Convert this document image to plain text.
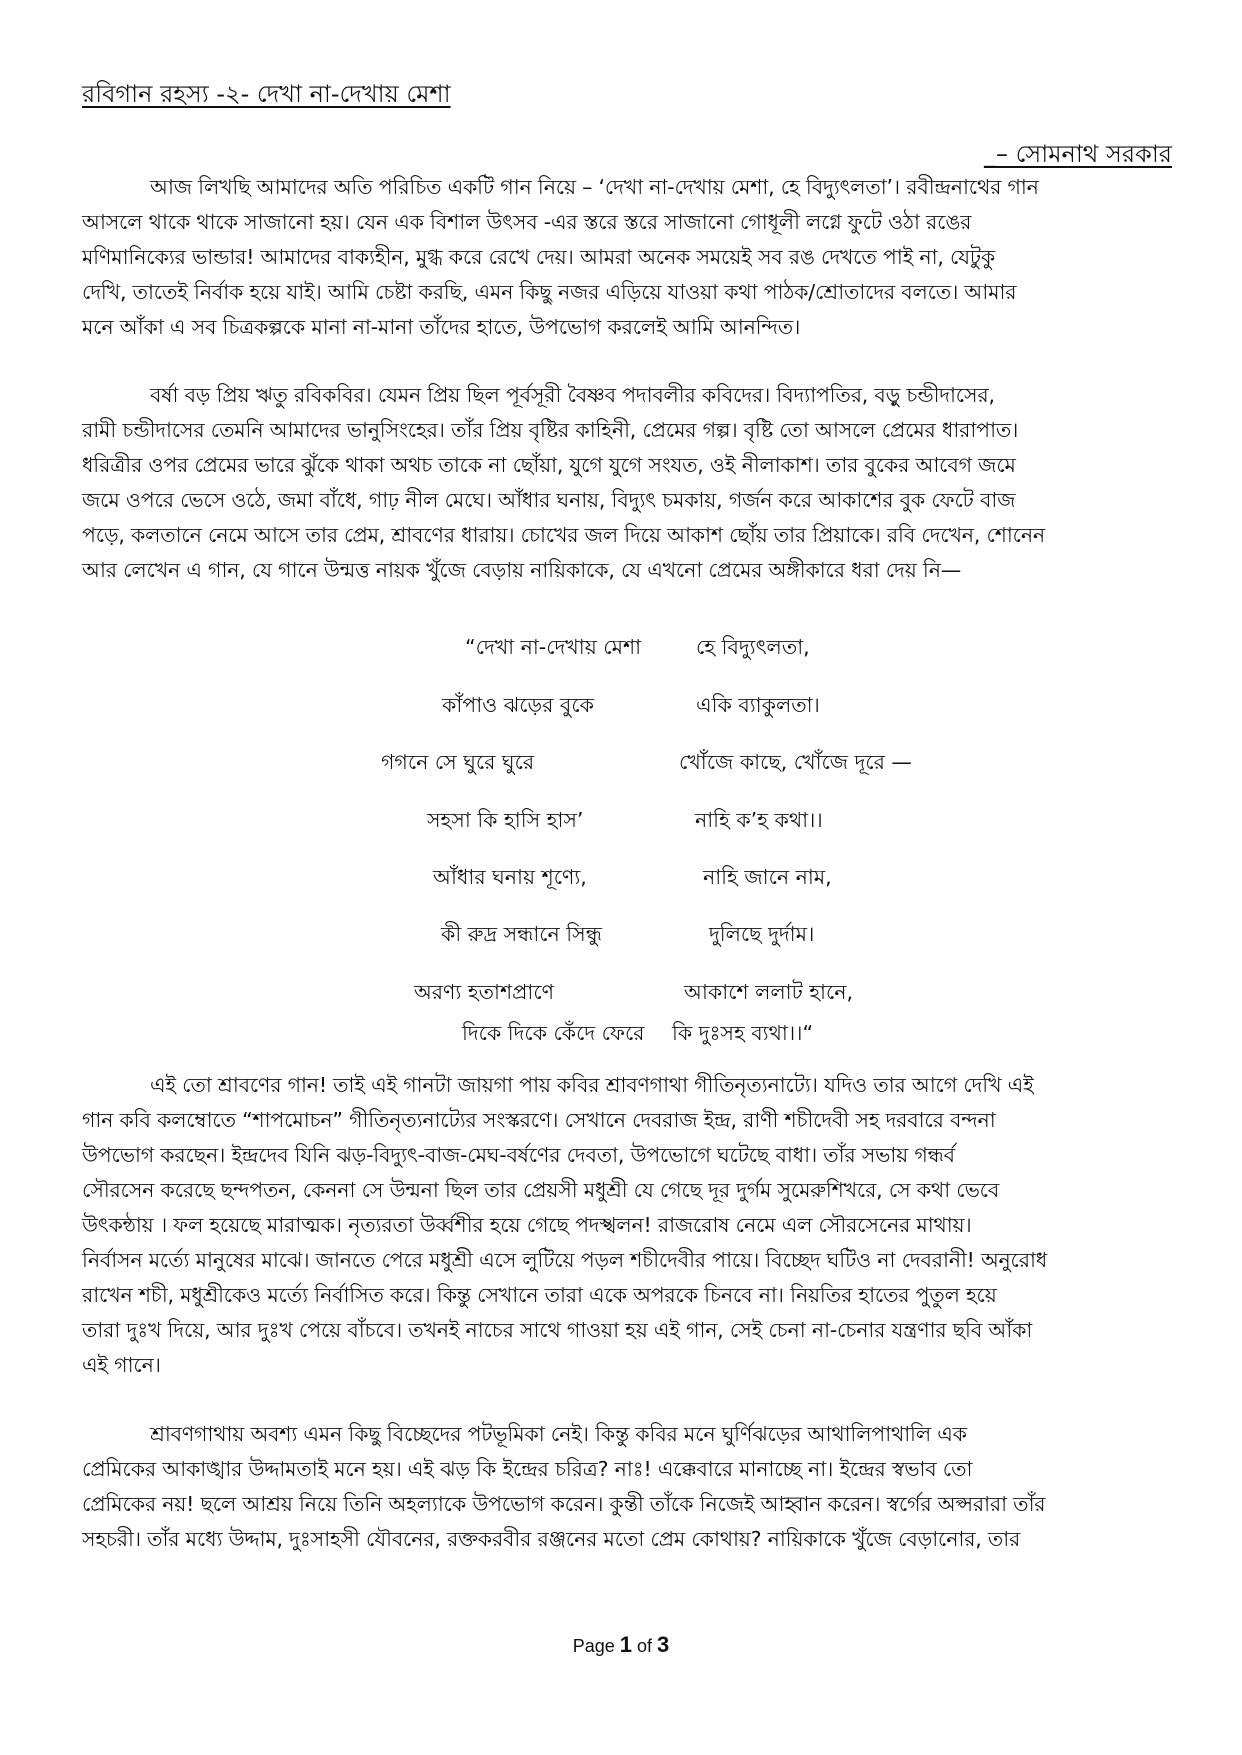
রবিগান রহস্য -২- দেখা না-দেখায় মেশা
_– সোমনাথ সরকার
আজ লিখছি আমাদের অতি পরিচিত একটি গান নিয়ে – ‘দেখা না-দেখায় মেশা, হে বিদ্যুৎলতা’। রবীন্দ্রনাথের গান
আসলে থাকে থাকে সাজানো হয়। যেন এক বিশাল উৎসব -এর স্তরে স্তরে সাজানো গোধূলী লগ্নে ফুটে ওঠা রঙের
মণিমানিক্যের ভান্ডার! আমাদের বাক্যহীন, মুগ্ধ করে রেখে দেয়। আমরা অনেক সময়েই সব রঙ দেখতে পাই না, যেটুকু
দেখি, তাতেই নির্বাক হয়ে যাই। আমি চেষ্টা করছি, এমন কিছু নজর এড়িয়ে যাওয়া কথা পাঠক/শ্রোতাদের বলতে। আমার
মনে আঁকা এ সব চিত্রকল্পকে মানা না-মানা তাঁদের হাতে, উপভোগ করলেই আমি আনন্দিত।
বর্ষা বড় প্রিয় ঋতু রবিকবির। যেমন প্রিয় ছিল পূর্বসূরী বৈষ্ণব পদাবলীর কবিদের। বিদ্যাপতির, বড়ু চন্ডীদাসের,
রামী চন্ডীদাসের তেমনি আমাদের ভানুসিংহের। তাঁর প্রিয় বৃষ্টির কাহিনী, প্রেমের গল্প। বৃষ্টি তো আসলে প্রেমের ধারাপাত।
ধরিত্রীর ওপর প্রেমের ভারে ঝুঁকে থাকা অথচ তাকে না ছোঁয়া, যুগে যুগে সংযত, ওই নীলাকাশ। তার বুকের আবেগ জমে
জমে ওপরে ভেসে ওঠে, জমা বাঁধে, গাঢ় নীল মেঘে। আঁধার ঘনায়, বিদ্যুৎ চমকায়, গর্জন করে আকাশের বুক ফেটে বাজ
পড়ে, কলতানে নেমে আসে তার প্রেম, শ্রাবণের ধারায়। চোখের জল দিয়ে আকাশ ছোঁয় তার প্রিয়াকে। রবি দেখেন, শোনেন
আর লেখেন এ গান, যে গানে উন্মত্ত নায়ক খুঁজে বেড়ায় নায়িকাকে, যে এখনো প্রেমের অঙ্গীকারে ধরা দেয় নি—
“দেখা না-দেখায় মেশা	হে বিদ্যুৎলতা,
কাঁপাও ঝড়ের বুকে	একি ব্যাকুলতা।
গগনে সে ঘুরে ঘুরে	খোঁজে কাছে, খোঁজে দূরে —
সহসা কি হাসি হাস’	নাহি ক’হ কথা।।
আঁধার ঘনায় শূণ্যে,	নাহি জানে নাম,
কী রুদ্র সন্ধানে সিন্ধু	দুলিছে দুর্দাম।
অরণ্য হতাশপ্রাণে	আকাশে ললাট হানে,
দিকে দিকে কেঁদে ফেরে কি দুঃসহ ব্যথা।।“
এই তো শ্রাবণের গান! তাই এই গানটা জায়গা পায় কবির শ্রাবণগাথা গীতিনৃত্যনাট্যে। যদিও তার আগে দেখি এই
গান কবি কলম্বোতে “শাপমোচন” গীতিনৃত্যনাট্যের সংস্করণে। সেখানে দেবরাজ ইন্দ্র, রাণী শচীদেবী সহ দরবারে বন্দনা
উপভোগ করছেন। ইন্দ্রদেব যিনি ঝড়-বিদ্যুৎ-বাজ-মেঘ-বর্ষণের দেবতা, উপভোগে ঘটেছে বাধা। তাঁর সভায় গন্ধর্ব
সৌরসেন করেছে ছন্দপতন, কেননা সে উন্মনা ছিল তার প্রেয়সী মধুশ্রী যে গেছে দূর দুর্গম সুমেরুশিখরে, সে কথা ভেবে
উৎকন্ঠায় । ফল হয়েছে মারাত্মক। নৃত্যরতা উর্ব্বশীর হয়ে গেছে পদস্খলন! রাজরোষ নেমে এল সৌরসেনের মাথায়।
নির্বাসন মর্ত্যে মানুষের মাঝে। জানতে পেরে মধুশ্রী এসে লুটিয়ে পড়ল শচীদেবীর পায়ে। বিচ্ছেদ ঘটিও না দেবরানী! অনুরোধ
রাখেন শচী, মধুশ্রীকেও মর্ত্যে নির্বাসিত করে। কিন্তু সেখানে তারা একে অপরকে চিনবে না। নিয়তির হাতের পুতুল হয়ে
তারা দুঃখ দিয়ে, আর দুঃখ পেয়ে বাঁচবে। তখনই নাচের সাথে গাওয়া হয় এই গান, সেই চেনা না-চেনার যন্ত্রণার ছবি আঁকা
এই গানে।
শ্রাবণগাথায় অবশ্য এমন কিছু বিচ্ছেদের পটভূমিকা নেই। কিন্তু কবির মনে ঘুর্ণিঝড়ের আথালিপাথালি এক
প্রেমিকের আকাঙ্খার উদ্দামতাই মনে হয়। এই ঝড় কি ইন্দ্রের চরিত্র? নাঃ! এক্কেবারে মানাচ্ছে না। ইন্দ্রের স্বভাব তো
প্রেমিকের নয়! ছলে আশ্রয় নিয়ে তিনি অহল্যাকে উপভোগ করেন। কুন্তী তাঁকে নিজেই আহ্বান করেন। স্বর্গের অপ্সরারা তাঁর
সহচরী। তাঁর মধ্যে উদ্দাম, দুঃসাহসী যৌবনের, রক্তকরবীর রঞ্জনের মতো প্রেম কোথায়? নায়িকাকে খুঁজে বেড়ানোর, তার
Page 1 of 3
